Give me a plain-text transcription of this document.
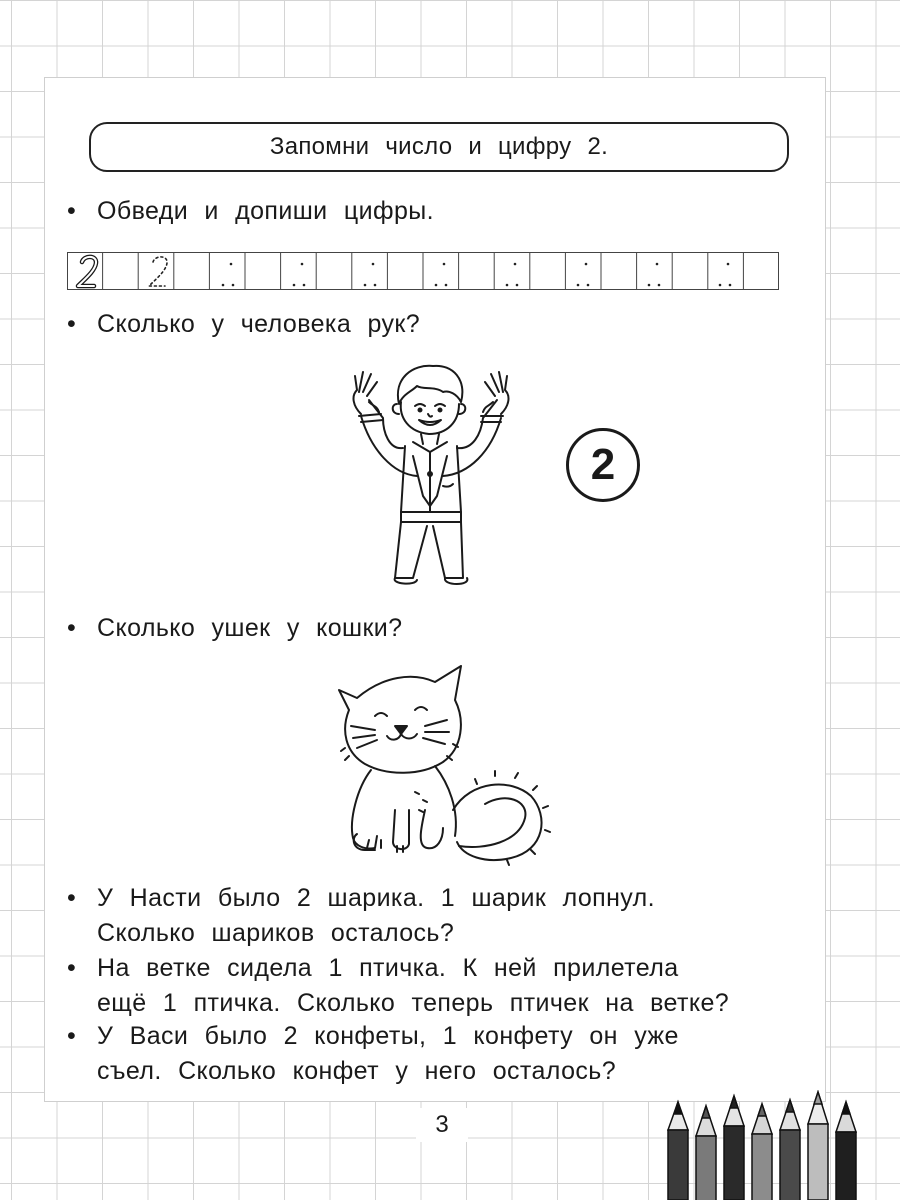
Запомни число и цифру 2.
• Обведи и допиши цифры.
• Сколько у человека рук?
2
• Сколько ушек у кошки?
• У Насти было 2 шарика. 1 шарик лопнул.
Сколько шариков осталось?
• На ветке сидела 1 птичка. К ней прилетела
ещё 1 птичка. Сколько теперь птичек на ветке?
• У Васи было 2 конфеты, 1 конфету он уже
съел. Сколько конфет у него осталось?
3
